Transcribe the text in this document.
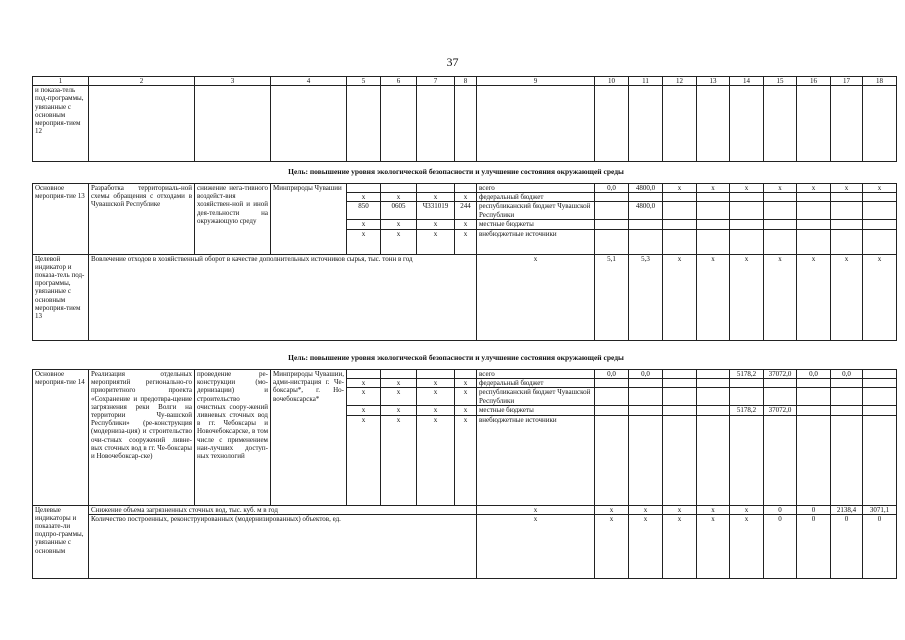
37
1	2	3	4	5	6	7	8	9	10	11	12	13	14	15	16	17	18
и показа-тель под-программы, увязанные с основным мероприя-тием 12																	
Цель: повышение уровня экологической безопасности и улучшение состояния окружающей среды
Основное мероприя-тие 13	Разработка территориаль-ной схемы обращения с отходами в Чувашской Республике	снижение нега-тивного воздейст-вия хозяйствен-ной и иной дея-тельности на окружающую среду	Минприроды Чувашии					всего	0,0	4800,0	x	x	x	x	x	x	x
				x	x	x	x	федеральный бюджет									
				850	0605	Ч331019	244	республиканский бюджет Чувашской Республики		4800,0							
				x	x	x	x	местные бюджеты									
				x	x	x	x	внебюджетные источники									
Целевой индикатор и показа-тель под-программы, увязанные с основным мероприя-тием 13	Вовлечение отходов в хозяйственный оборот в качестве дополнительных источников сырья, тыс. тонн в год							x	5,1	5,3	x	x	x	x	x	x	x
Цель: повышение уровня экологической безопасности и улучшение состояния окружающей среды
Основное мероприя-тие 14	Реализация отдельных мероприятий регионально-го приоритетного проекта «Сохранение и предотвра-щение загрязнения реки Волги на территории Чу-вашской Республики» (ре-конструкция (модерниза-ция) и строительство очи-стных сооружений ливне-вых сточных вод в гг. Че-боксары и Новочебоксар-ске)	проведение ре-конструкции (мо-дернизации) и строительство очистных соору-жений ливневых сточных вод в гг. Чебоксары и Новочебоксарске, в том числе с применением наи-лучших доступ-ных технологий	Минприроды Чувашии, адми-нистрация г. Че-боксары*, г. Но-вочебоксарска*					всего	0,0	0,0			5178,2	37072,0	0,0	0,0	
				x	x	x	x	федеральный бюджет									
				x	x	x	x	республиканский бюджет Чувашской Республики									
				x	x	x	x	местные бюджеты					5178,2	37072,0			
				x	x	x	x	внебюджетные источники									
Целевые индикаторы и показате-ли подпро-граммы, увязанные с основным	Снижение объема загрязненных сточных вод, тыс. куб. м в год							x	x	x	x	x	x	0	0	2138,4	3071,1
	Количество построенных, реконструированных (модернизированных) объектов, ед.							x	x	x	x	x	x	0	0	0	0
